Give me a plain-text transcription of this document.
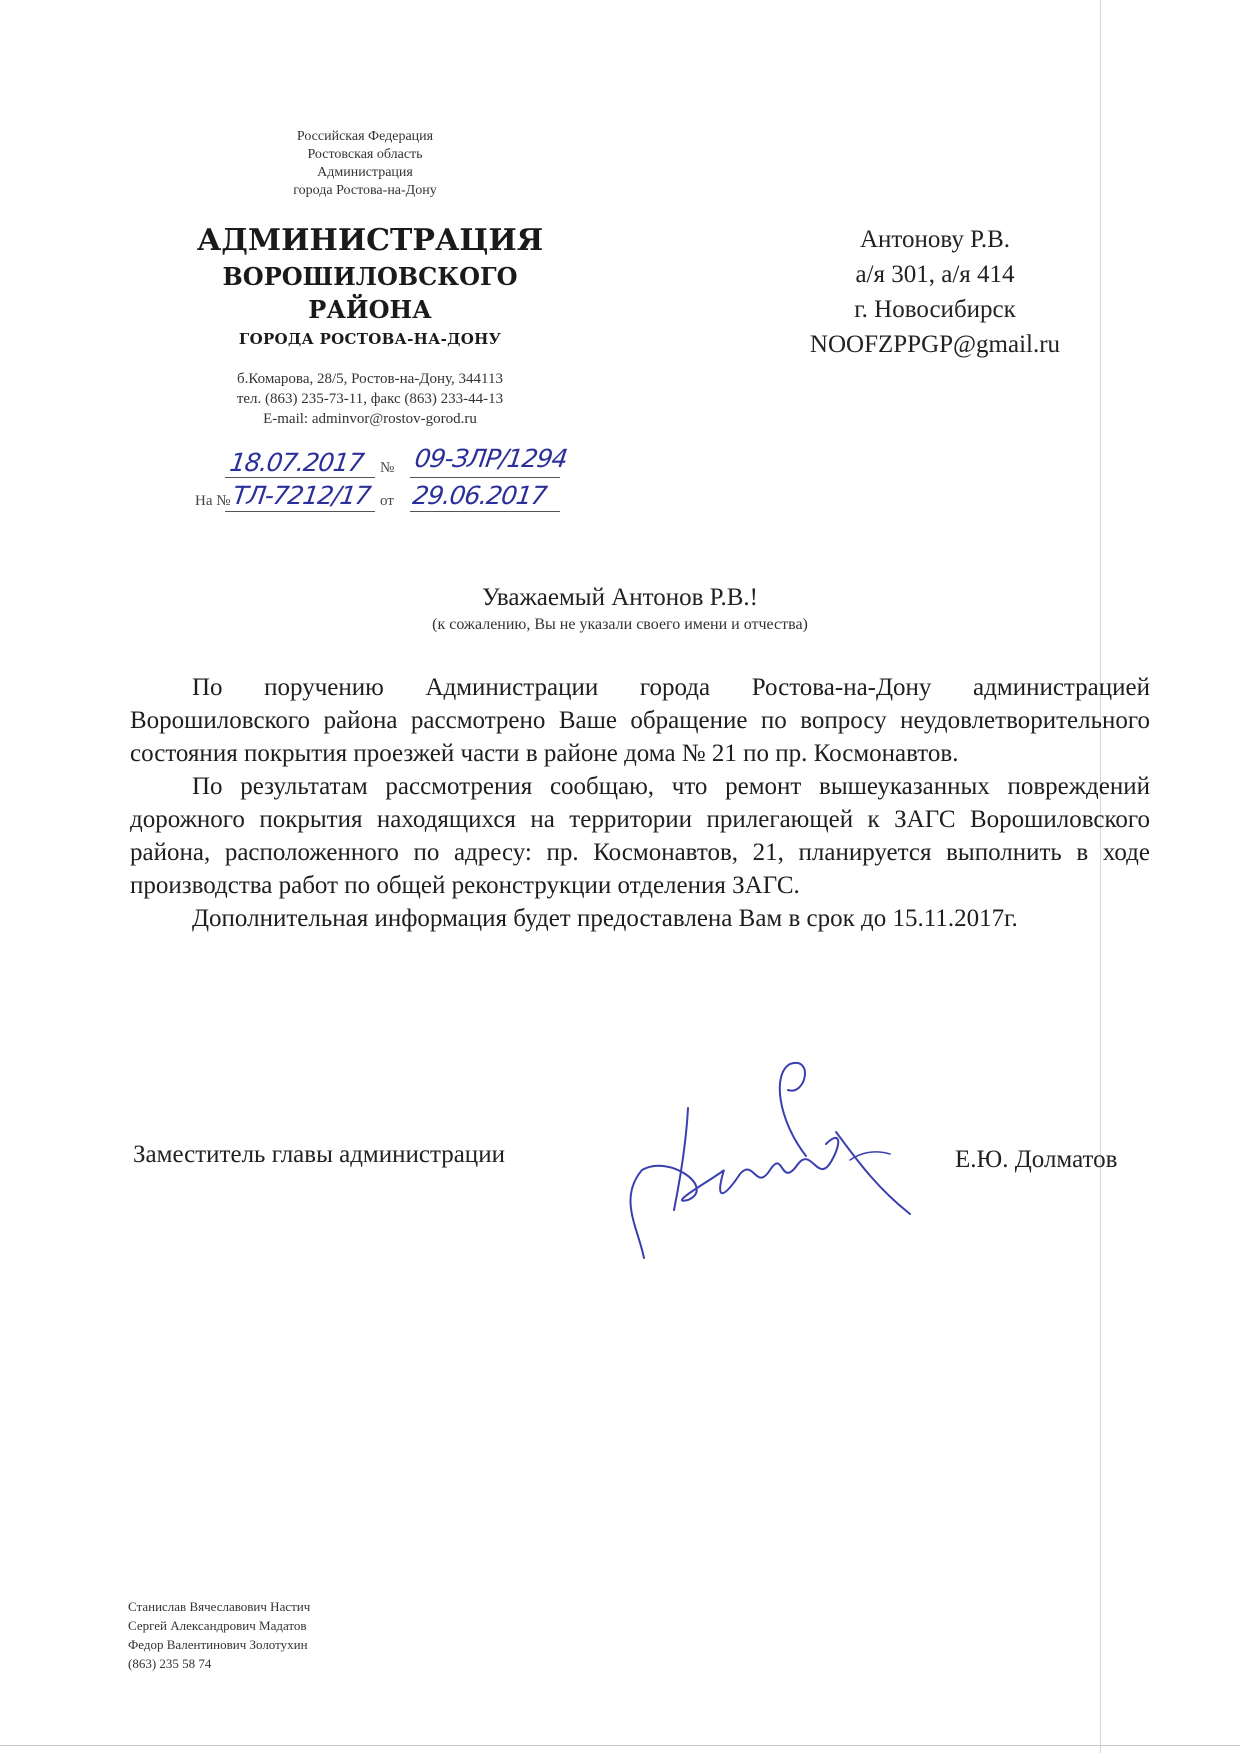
Российская Федерация
Ростовская область
Администрация
города Ростова-на-Дону
АДМИНИСТРАЦИЯ
ВОРОШИЛОВСКОГО
РАЙОНА
ГОРОДА РОСТОВА-НА-ДОНУ
б.Комарова, 28/5, Ростов-на-Дону, 344113
тел. (863) 235-73-11, факс (863) 233-44-13
E-mail: adminvor@rostov-gorod.ru
18.07.2017 № 09-ЗЛР/1294
На № ТЛ-7212/17 от 29.06.2017
Антонову Р.В.
а/я 301, а/я 414
г. Новосибирск
NOOFZPPGP@gmail.ru
Уважаемый Антонов Р.В.!
(к сожалению, Вы не указали своего имени и отчества)

По поручению Администрации города Ростова-на-Дону администрацией Ворошиловского района рассмотрено Ваше обращение по вопросу неудовлетворительного состояния покрытия проезжей части в районе дома № 21 по пр. Космонавтов.

По результатам рассмотрения сообщаю, что ремонт вышеуказанных повреждений дорожного покрытия находящихся на территории прилегающей к ЗАГС Ворошиловского района, расположенного по адресу: пр. Космонавтов, 21, планируется выполнить в ходе производства работ по общей реконструкции отделения ЗАГС.

Дополнительная информация будет предоставлена Вам в срок до 15.11.2017г.

Заместитель главы администрации	Е.Ю. Долматов
Станислав Вячеславович Настич
Сергей Александрович Мадатов
Федор Валентинович Золотухин
(863) 235 58 74
